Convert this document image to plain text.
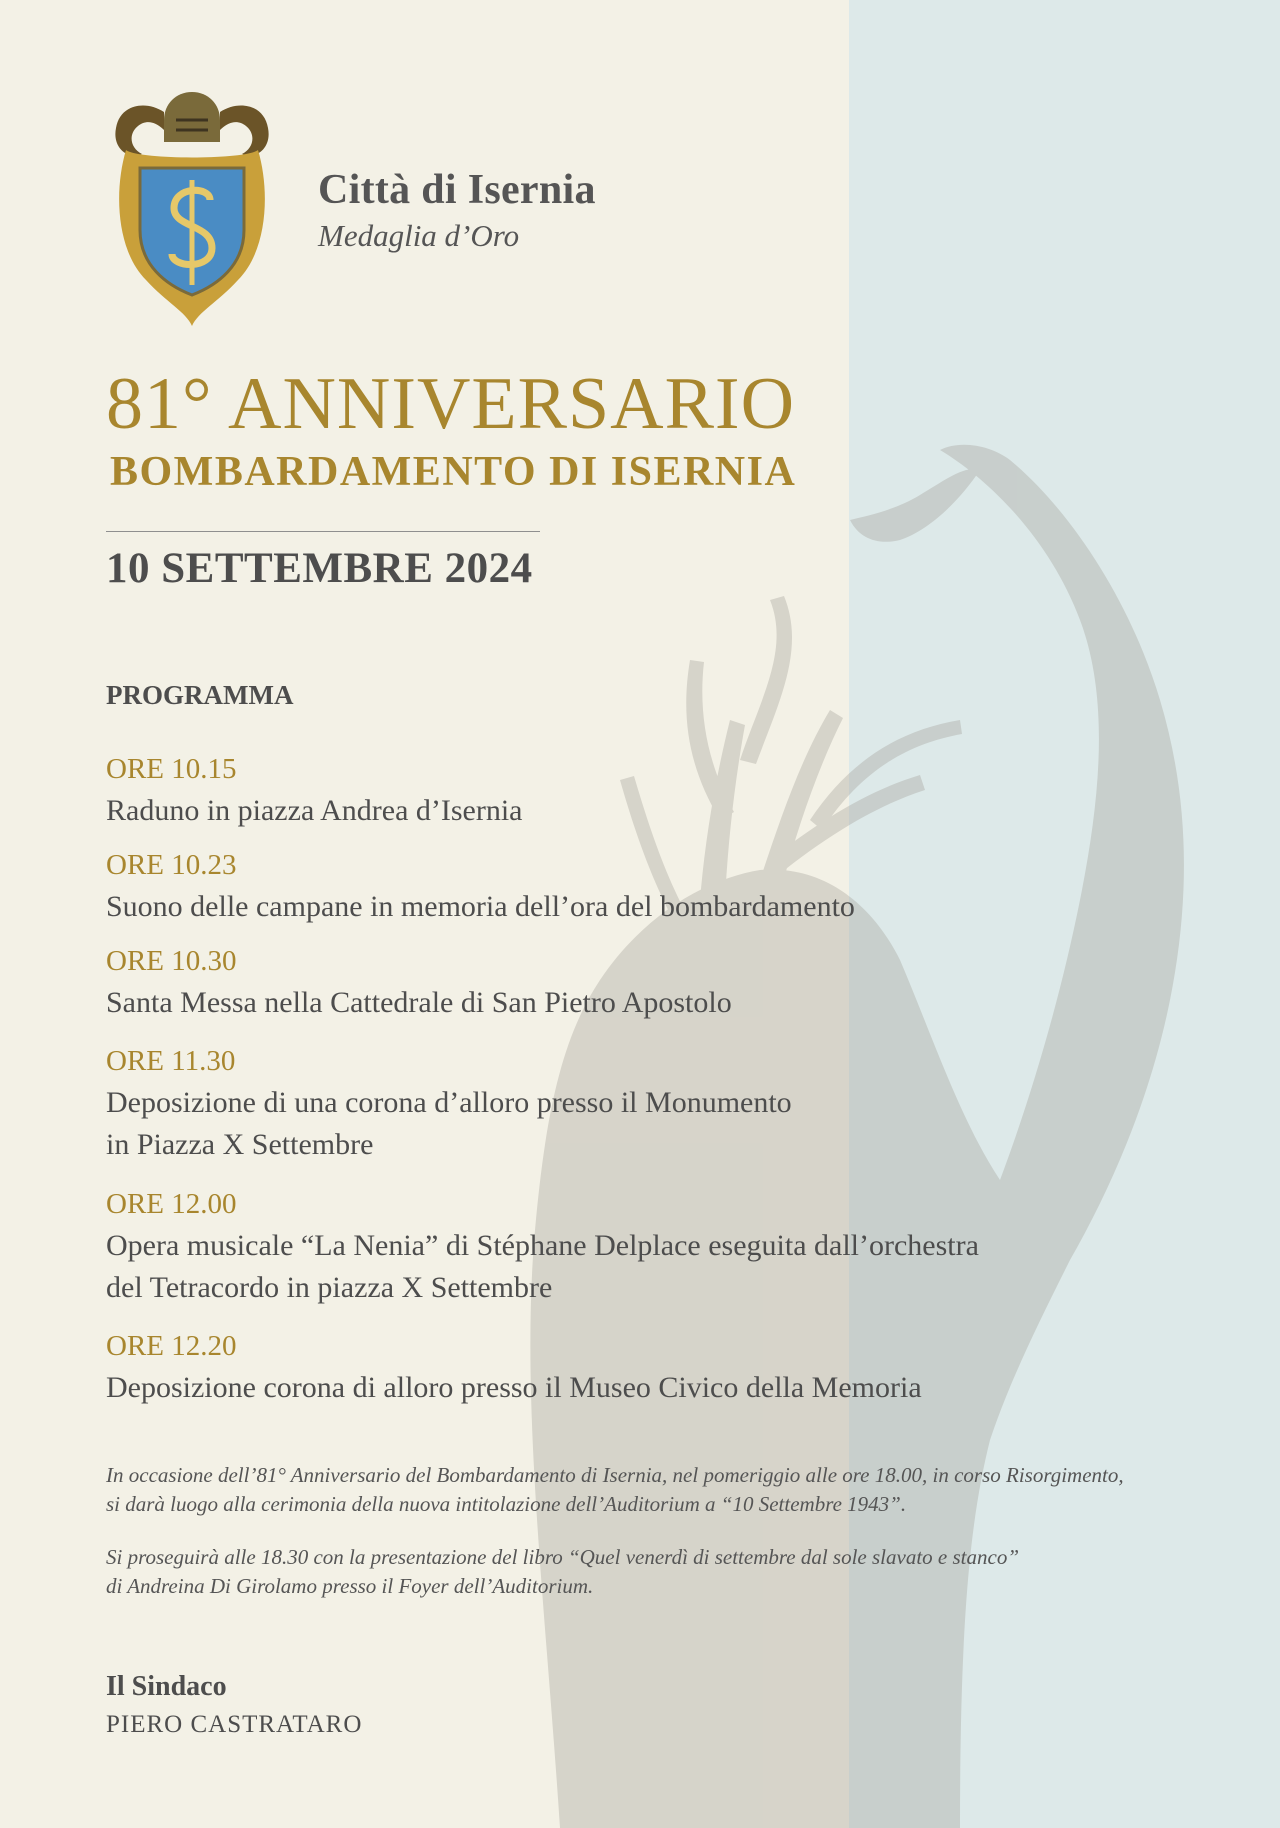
Città di Isernia
Medaglia d’Oro
81° ANNIVERSARIO
BOMBARDAMENTO DI ISERNIA
10 SETTEMBRE 2024
PROGRAMMA
ORE 10.15
Raduno in piazza Andrea d’Isernia
ORE 10.23
Suono delle campane in memoria dell’ora del bombardamento
ORE 10.30
Santa Messa nella Cattedrale di San Pietro Apostolo
ORE 11.30
Deposizione di una corona d’alloro presso il Monumento
in Piazza X Settembre
ORE 12.00
Opera musicale “La Nenia” di Stéphane Delplace eseguita dall’orchestra
del Tetracordo in piazza X Settembre
ORE 12.20
Deposizione corona di alloro presso il Museo Civico della Memoria
In occasione dell’81° Anniversario del Bombardamento di Isernia, nel pomeriggio alle ore 18.00, in corso Risorgimento,
si darà luogo alla cerimonia della nuova intitolazione dell’Auditorium a “10 Settembre 1943”.
Si proseguirà alle 18.30 con la presentazione del libro “Quel venerdì di settembre dal sole slavato e stanco”
di Andreina Di Girolamo presso il Foyer dell’Auditorium.
Il Sindaco
PIERO CASTRATARO
